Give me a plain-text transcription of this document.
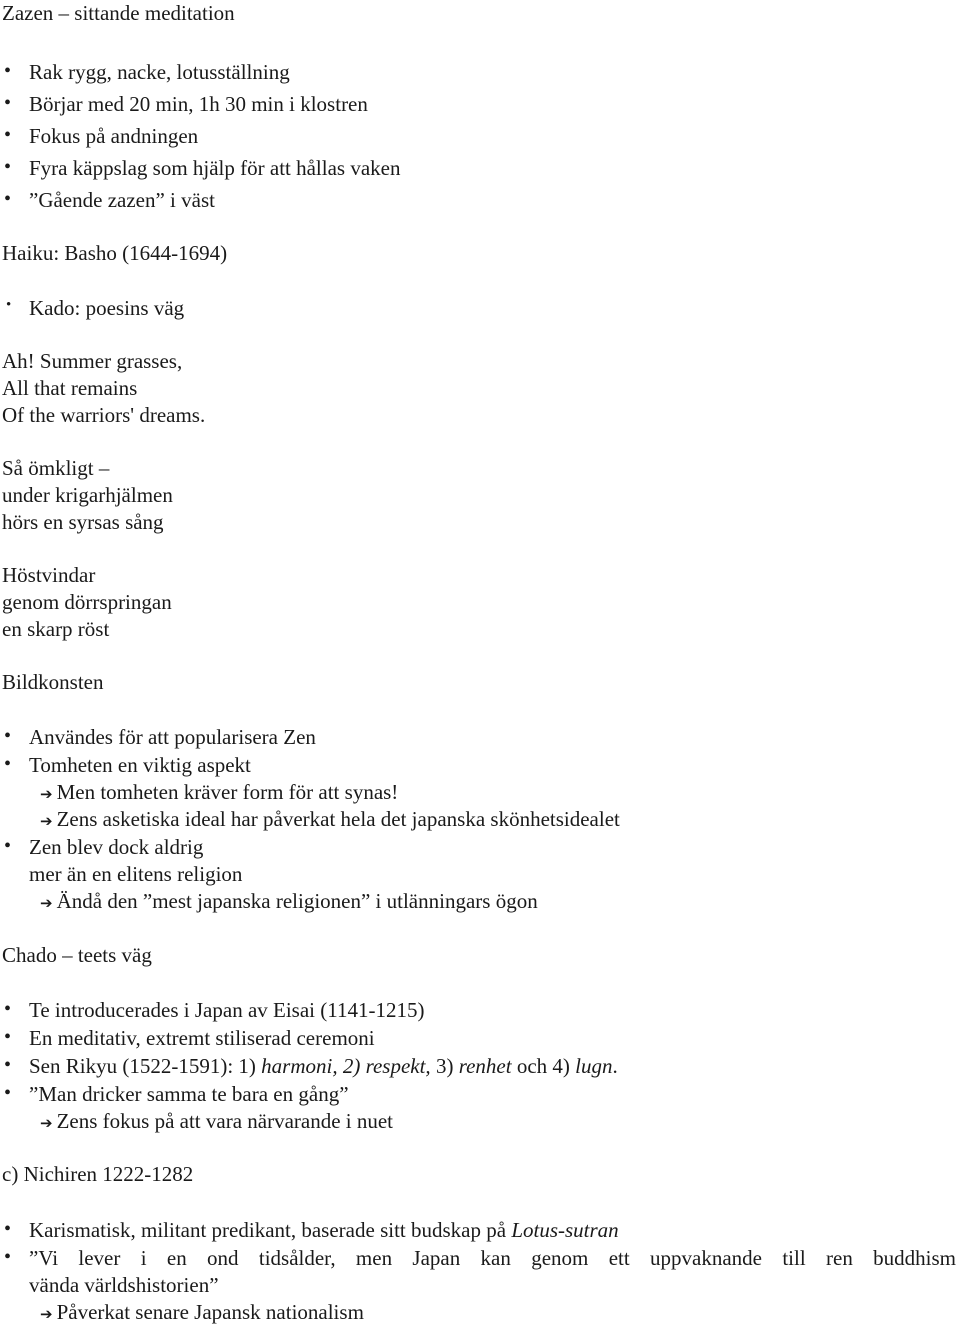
Zazen – sittande meditation
• Rak rygg, nacke, lotusställning
• Börjar med 20 min, 1h 30 min i klostren
• Fokus på andningen
• Fyra käppslag som hjälp för att hållas vaken
• ”Gående zazen” i väst
Haiku: Basho (1644-1694)
• Kado: poesins väg
Ah! Summer grasses,
All that remains
Of the warriors' dreams.
Så ömkligt –
under krigarhjälmen
hörs en syrsas sång
Höstvindar
genom dörrspringan
en skarp röst
Bildkonsten
• Användes för att popularisera Zen
• Tomheten en viktig aspekt
➔ Men tomheten kräver form för att synas!
➔ Zens asketiska ideal har påverkat hela det japanska skönhetsidealet
• Zen blev dock aldrig
mer än en elitens religion
➔ Ändå den ”mest japanska religionen” i utlänningars ögon
Chado – teets väg
• Te introducerades i Japan av Eisai (1141-1215)
• En meditativ, extremt stiliserad ceremoni
• Sen Rikyu (1522-1591): 1) harmoni, 2) respekt, 3) renhet och 4) lugn.
• ”Man dricker samma te bara en gång”
➔ Zens fokus på att vara närvarande i nuet
c) Nichiren 1222-1282
• Karismatisk, militant predikant, baserade sitt budskap på Lotus-sutran
• ”Vi lever i en ond tidsålder, men Japan kan genom ett uppvaknande till ren buddhism
vända världshistorien”
➔ Påverkat senare Japansk nationalism
